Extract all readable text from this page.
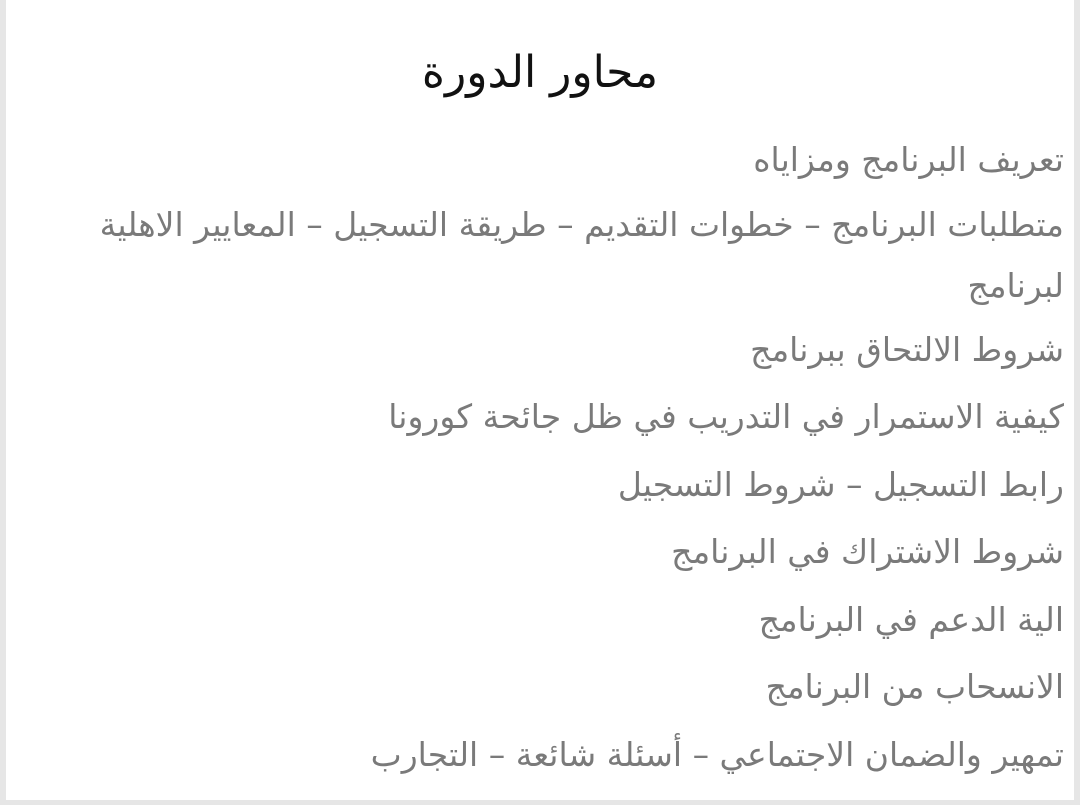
محاور الدورة
تعريف البرنامج ومزاياه
متطلبات البرنامج – خطوات التقديم – طريقة التسجيل – المعايير الاهلية لبرنامج
شروط الالتحاق ببرنامج
كيفية الاستمرار في التدريب في ظل جائحة كورونا
رابط التسجيل – شروط التسجيل
شروط الاشتراك في البرنامج
الية الدعم في البرنامج
الانسحاب من البرنامج
تمهير والضمان الاجتماعي – أسئلة شائعة – التجارب
